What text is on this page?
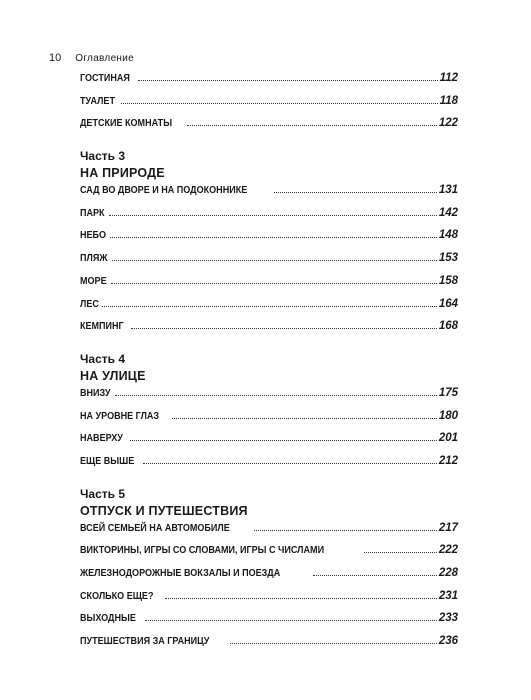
10 Оглавление
ГОСТИНАЯ	112
ТУАЛЕТ	118
ДЕТСКИЕ КОМНАТЫ	122
Часть 3
НА ПРИРОДЕ
САД ВО ДВОРЕ И НА ПОДОКОННИКЕ	131
ПАРК	142
НЕБО	148
ПЛЯЖ	153
МОРЕ	158
ЛЕС	164
КЕМПИНГ	168
Часть 4
НА УЛИЦЕ
ВНИЗУ	175
НА УРОВНЕ ГЛАЗ	180
НАВЕРХУ	201
ЕЩЕ ВЫШЕ	212
Часть 5
ОТПУСК И ПУТЕШЕСТВИЯ
ВСЕЙ СЕМЬЕЙ НА АВТОМОБИЛЕ	217
ВИКТОРИНЫ, ИГРЫ СО СЛОВАМИ, ИГРЫ С ЧИСЛАМИ	222
ЖЕЛЕЗНОДОРОЖНЫЕ ВОКЗАЛЫ И ПОЕЗДА	228
СКОЛЬКО ЕЩЕ?	231
ВЫХОДНЫЕ	233
ПУТЕШЕСТВИЯ ЗА ГРАНИЦУ	236
